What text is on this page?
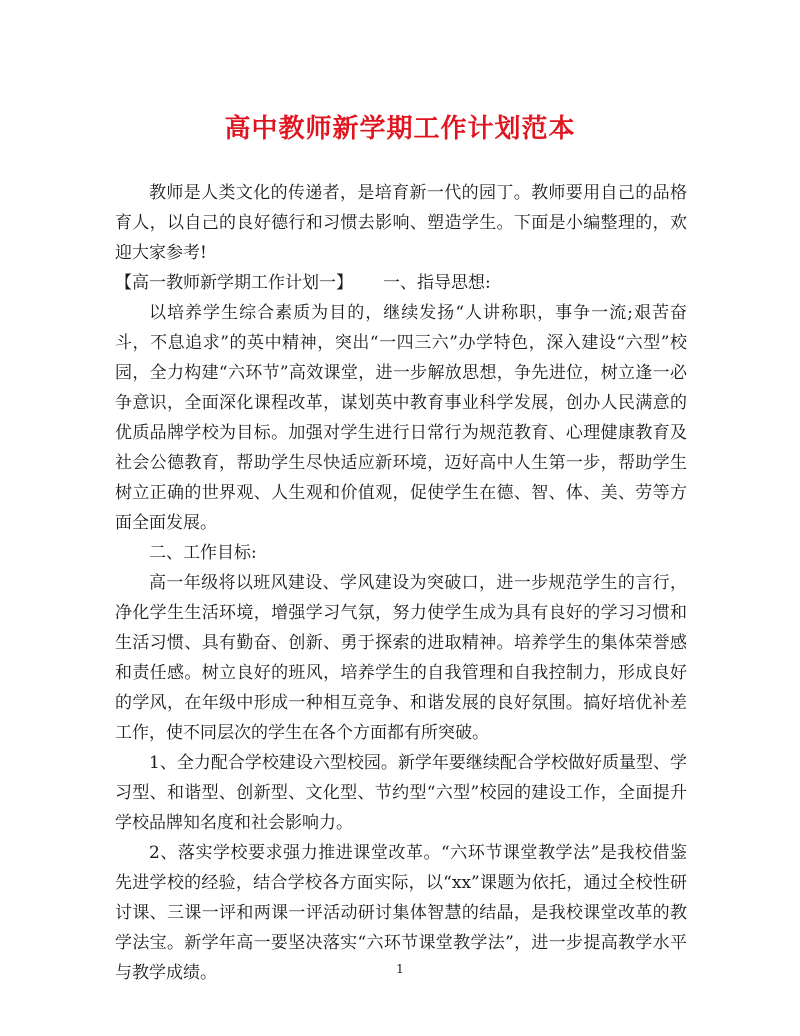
高中教师新学期工作计划范本

教师是人类文化的传递者，是培育新一代的园丁。教师要用自己的品格育人，以自己的良好德行和习惯去影响、塑造学生。下面是小编整理的，欢迎大家参考!

【高一教师新学期工作计划一】 一、指导思想:

以培养学生综合素质为目的，继续发扬“人讲称职，事争一流;艰苦奋斗，不息追求”的英中精神，突出“一四三六”办学特色，深入建设“六型”校园，全力构建“六环节”高效课堂，进一步解放思想，争先进位，树立逢一必争意识，全面深化课程改革，谋划英中教育事业科学发展，创办人民满意的优质品牌学校为目标。加强对学生进行日常行为规范教育、心理健康教育及社会公德教育，帮助学生尽快适应新环境，迈好高中人生第一步，帮助学生树立正确的世界观、人生观和价值观，促使学生在德、智、体、美、劳等方面全面发展。

二、工作目标:

高一年级将以班风建设、学风建设为突破口，进一步规范学生的言行，净化学生生活环境，增强学习气氛，努力使学生成为具有良好的学习习惯和生活习惯、具有勤奋、创新、勇于探索的进取精神。培养学生的集体荣誉感和责任感。树立良好的班风，培养学生的自我管理和自我控制力，形成良好的学风，在年级中形成一种相互竞争、和谐发展的良好氛围。搞好培优补差工作，使不同层次的学生在各个方面都有所突破。

1、全力配合学校建设六型校园。新学年要继续配合学校做好质量型、学习型、和谐型、创新型、文化型、节约型“六型”校园的建设工作，全面提升学校品牌知名度和社会影响力。

2、落实学校要求强力推进课堂改革。“六环节课堂教学法”是我校借鉴先进学校的经验，结合学校各方面实际，以“xx”课题为依托，通过全校性研讨课、三课一评和两课一评活动研讨集体智慧的结晶，是我校课堂改革的教学法宝。新学年高一要坚决落实“六环节课堂教学法”，进一步提高教学水平与教学成绩。	1
